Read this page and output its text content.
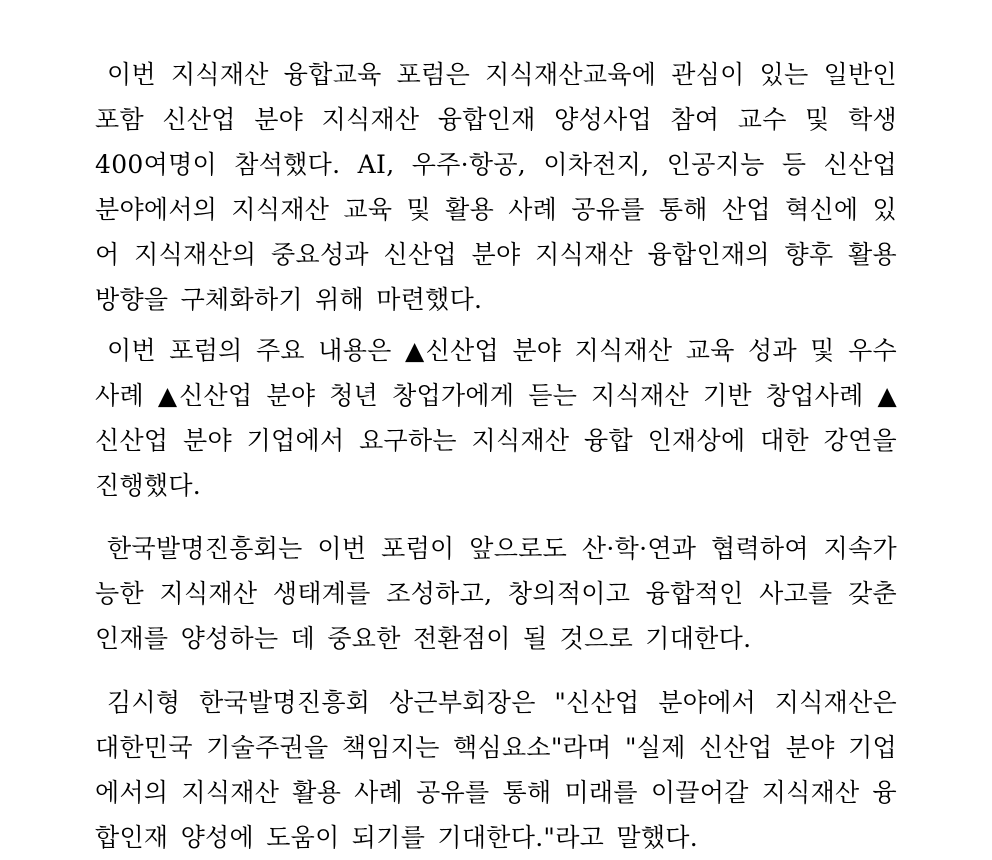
이번 지식재산 융합교육 포럼은 지식재산교육에 관심이 있는 일반인 포함 신산업 분야 지식재산 융합인재 양성사업 참여 교수 및 학생 400여명이 참석했다. AI, 우주·항공, 이차전지, 인공지능 등 신산업 분야에서의 지식재산 교육 및 활용 사례 공유를 통해 산업 혁신에 있어 지식재산의 중요성과 신산업 분야 지식재산 융합인재의 향후 활용 방향을 구체화하기 위해 마련했다.

이번 포럼의 주요 내용은 ▲신산업 분야 지식재산 교육 성과 및 우수사례 ▲신산업 분야 청년 창업가에게 듣는 지식재산 기반 창업사례 ▲신산업 분야 기업에서 요구하는 지식재산 융합 인재상에 대한 강연을 진행했다.

한국발명진흥회는 이번 포럼이 앞으로도 산·학·연과 협력하여 지속가능한 지식재산 생태계를 조성하고, 창의적이고 융합적인 사고를 갖춘 인재를 양성하는 데 중요한 전환점이 될 것으로 기대한다.

김시형 한국발명진흥회 상근부회장은 "신산업 분야에서 지식재산은 대한민국 기술주권을 책임지는 핵심요소"라며 "실제 신산업 분야 기업에서의 지식재산 활용 사례 공유를 통해 미래를 이끌어갈 지식재산 융합인재 양성에 도움이 되기를 기대한다."라고 말했다.
